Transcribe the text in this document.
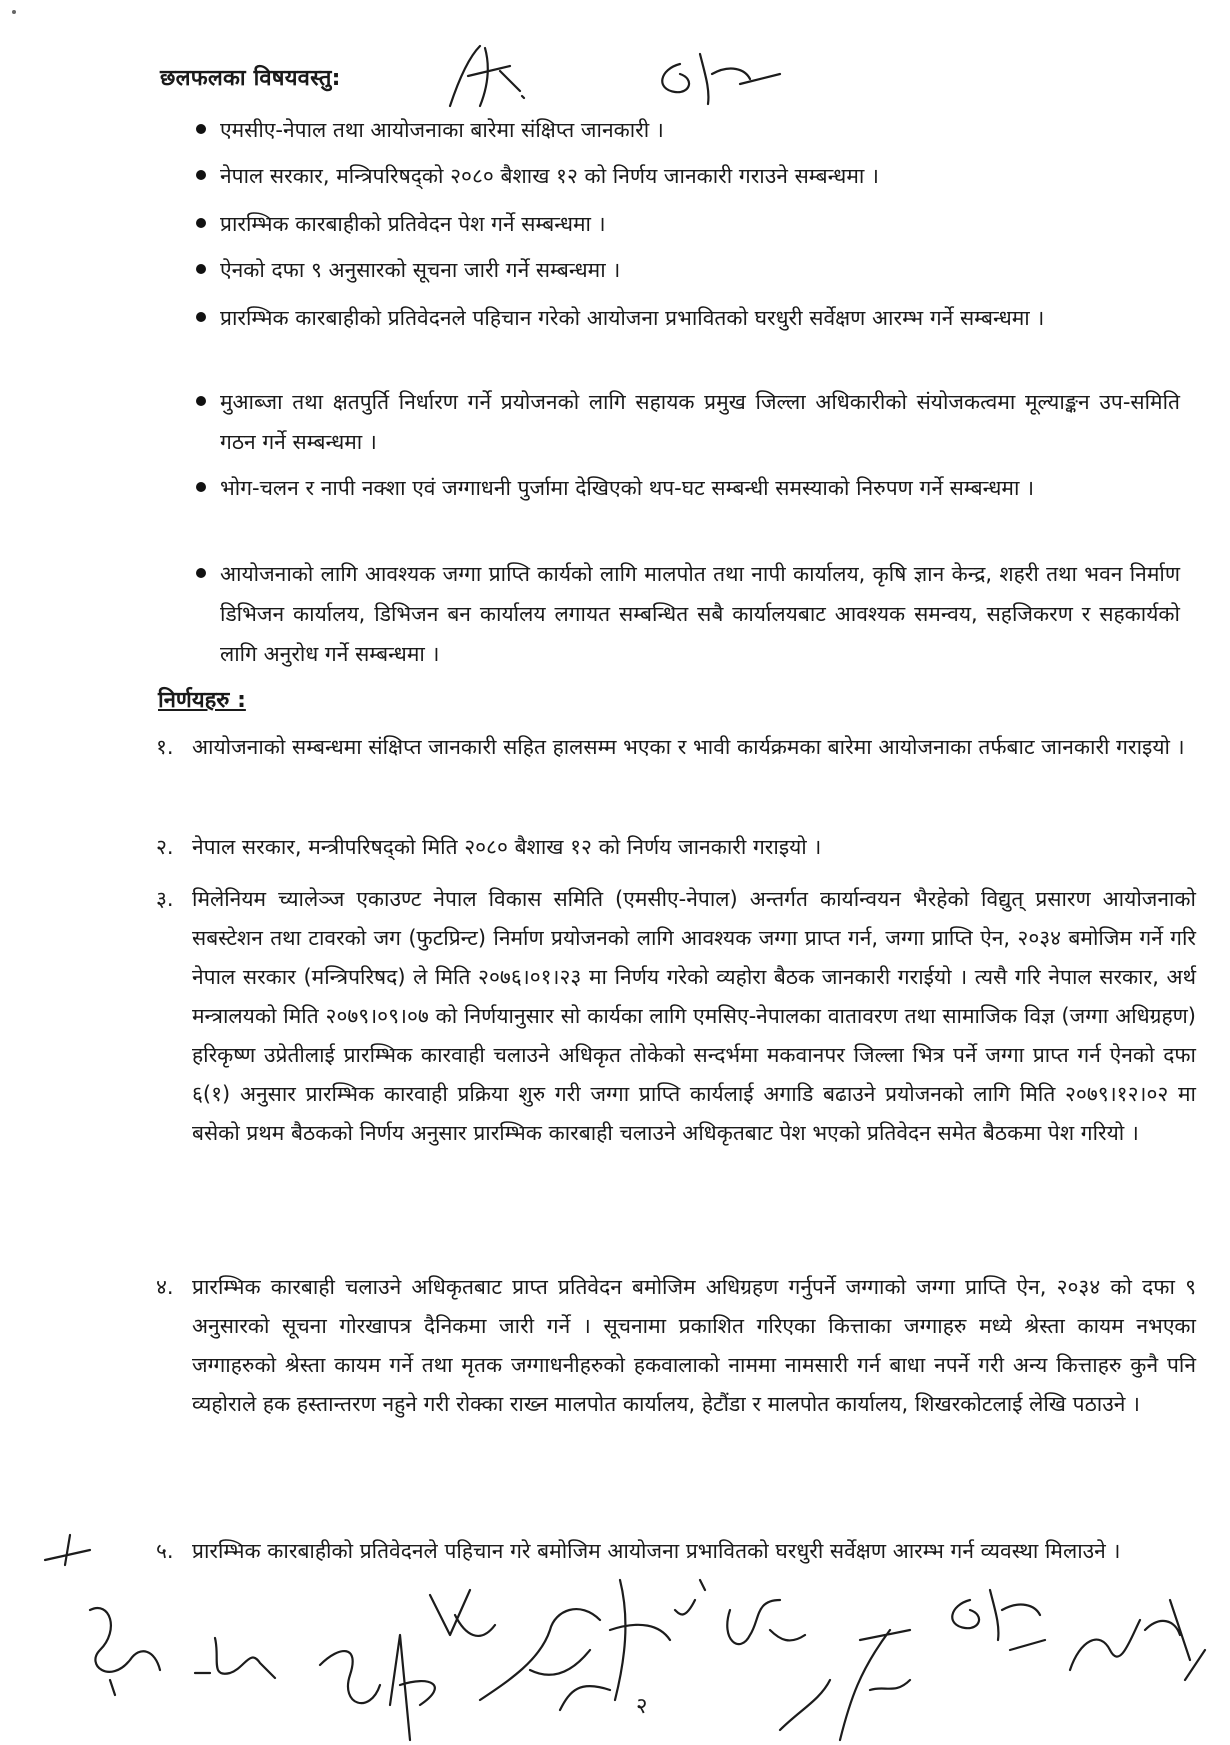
छलफलका विषयवस्तु:
एमसीए-नेपाल तथा आयोजनाका बारेमा संक्षिप्त जानकारी ।
नेपाल सरकार, मन्त्रिपरिषद्को २०८० बैशाख १२ को निर्णय जानकारी गराउने सम्बन्धमा ।
प्रारम्भिक कारबाहीको प्रतिवेदन पेश गर्ने सम्बन्धमा ।
ऐनको दफा ९ अनुसारको सूचना जारी गर्ने सम्बन्धमा ।
प्रारम्भिक कारबाहीको प्रतिवेदनले पहिचान गरेको आयोजना प्रभावितको घरधुरी सर्वेक्षण आरम्भ गर्ने सम्बन्धमा ।
मुआब्जा तथा क्षतपुर्ति निर्धारण गर्ने प्रयोजनको लागि सहायक प्रमुख जिल्ला अधिकारीको संयोजकत्वमा मूल्याङ्कन उप-समिति गठन गर्ने सम्बन्धमा ।
भोग-चलन र नापी नक्शा एवं जग्गाधनी पुर्जामा देखिएको थप-घट सम्बन्धी समस्याको निरुपण गर्ने सम्बन्धमा ।
आयोजनाको लागि आवश्यक जग्गा प्राप्ति कार्यको लागि मालपोत तथा नापी कार्यालय, कृषि ज्ञान केन्द्र, शहरी तथा भवन निर्माण डिभिजन कार्यालय, डिभिजन बन कार्यालय लगायत सम्बन्धित सबै कार्यालयबाट आवश्यक समन्वय, सहजिकरण र सहकार्यको लागि अनुरोध गर्ने सम्बन्धमा ।
निर्णयहरु :
१. आयोजनाको सम्बन्धमा संक्षिप्त जानकारी सहित हालसम्म भएका र भावी कार्यक्रमका बारेमा आयोजनाका तर्फबाट जानकारी गराइयो ।
२. नेपाल सरकार, मन्त्रीपरिषद्को मिति २०८० बैशाख १२ को निर्णय जानकारी गराइयो ।
३. मिलेनियम च्यालेञ्ज एकाउण्ट नेपाल विकास समिति (एमसीए-नेपाल) अन्तर्गत कार्यान्वयन भैरहेको विद्युत् प्रसारण आयोजनाको सबस्टेशन तथा टावरको जग (फुटप्रिन्ट) निर्माण प्रयोजनको लागि आवश्यक जग्गा प्राप्त गर्न, जग्गा प्राप्ति ऐन, २०३४ बमोजिम गर्ने गरि नेपाल सरकार (मन्त्रिपरिषद) ले मिति २०७६।०१।२३ मा निर्णय गरेको व्यहोरा बैठक जानकारी गराईयो । त्यसै गरि नेपाल सरकार, अर्थ मन्त्रालयको मिति २०७९।०९।०७ को निर्णयानुसार सो कार्यका लागि एमसिए-नेपालका वातावरण तथा सामाजिक विज्ञ (जग्गा अधिग्रहण) हरिकृष्ण उप्रेतीलाई प्रारम्भिक कारवाही चलाउने अधिकृत तोकेको सन्दर्भमा मकवानपर जिल्ला भित्र पर्ने जग्गा प्राप्त गर्न ऐनको दफा ६(१) अनुसार प्रारम्भिक कारवाही प्रक्रिया शुरु गरी जग्गा प्राप्ति कार्यलाई अगाडि बढाउने प्रयोजनको लागि मिति २०७९।१२।०२ मा बसेको प्रथम बैठकको निर्णय अनुसार प्रारम्भिक कारबाही चलाउने अधिकृतबाट पेश भएको प्रतिवेदन समेत बैठकमा पेश गरियो ।
४. प्रारम्भिक कारबाही चलाउने अधिकृतबाट प्राप्त प्रतिवेदन बमोजिम अधिग्रहण गर्नुपर्ने जग्गाको जग्गा प्राप्ति ऐन, २०३४ को दफा ९ अनुसारको सूचना गोरखापत्र दैनिकमा जारी गर्ने । सूचनामा प्रकाशित गरिएका कित्ताका जग्गाहरु मध्ये श्रेस्ता कायम नभएका जग्गाहरुको श्रेस्ता कायम गर्ने तथा मृतक जग्गाधनीहरुको हकवालाको नाममा नामसारी गर्न बाधा नपर्ने गरी अन्य कित्ताहरु कुनै पनि व्यहोराले हक हस्तान्तरण नहुने गरी रोक्का राख्न मालपोत कार्यालय, हेटौंडा र मालपोत कार्यालय, शिखरकोटलाई लेखि पठाउने ।
५. प्रारम्भिक कारबाहीको प्रतिवेदनले पहिचान गरे बमोजिम आयोजना प्रभावितको घरधुरी सर्वेक्षण आरम्भ गर्न व्यवस्था मिलाउने ।
२
